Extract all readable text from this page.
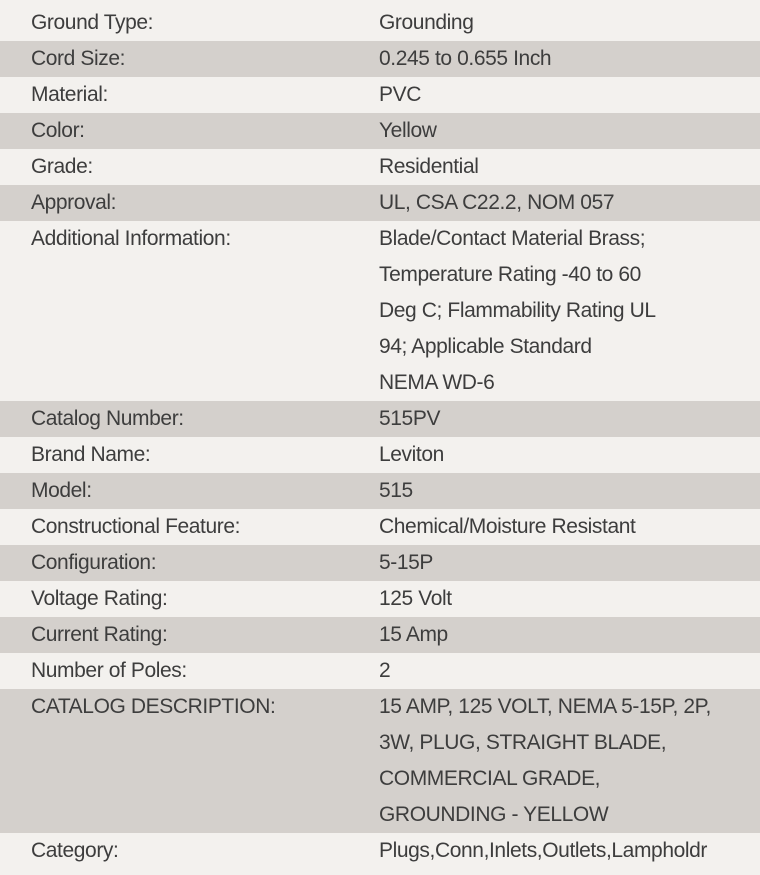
Ground Type:	Grounding
Cord Size:	0.245 to 0.655 Inch
Material:	PVC
Color:	Yellow
Grade:	Residential
Approval:	UL, CSA C22.2, NOM 057
Additional Information:	Blade/Contact Material Brass;
Temperature Rating -40 to 60
Deg C; Flammability Rating UL
94; Applicable Standard
NEMA WD-6
Catalog Number:	515PV
Brand Name:	Leviton
Model:	515
Constructional Feature:	Chemical/Moisture Resistant
Configuration:	5-15P
Voltage Rating:	125 Volt
Current Rating:	15 Amp
Number of Poles:	2
CATALOG DESCRIPTION:	15 AMP, 125 VOLT, NEMA 5-15P, 2P,
3W, PLUG, STRAIGHT BLADE,
COMMERCIAL GRADE,
GROUNDING - YELLOW
Category:	Plugs,Conn,Inlets,Outlets,Lampholdr
